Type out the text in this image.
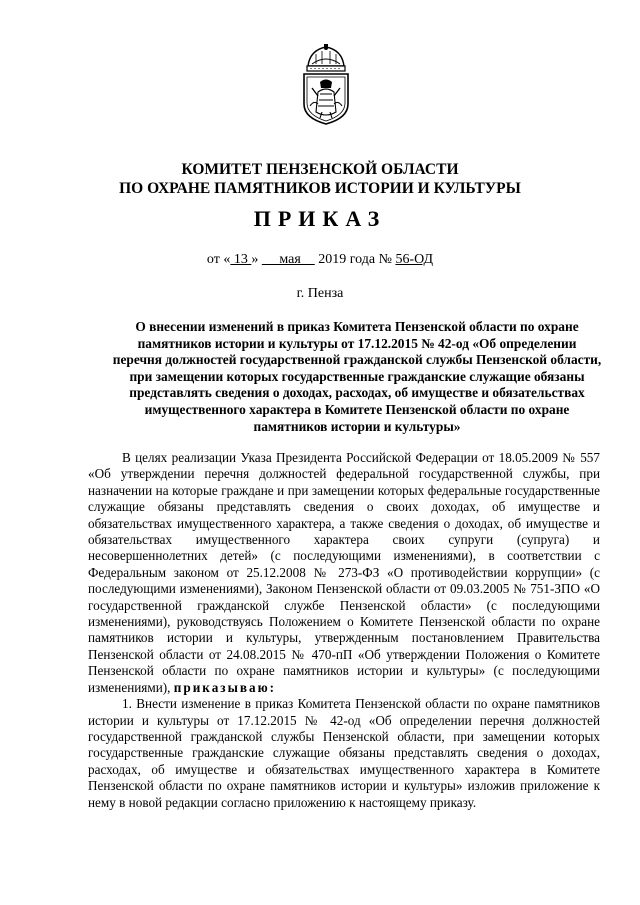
КОМИТЕТ ПЕНЗЕНСКОЙ ОБЛАСТИ
ПО ОХРАНЕ ПАМЯТНИКОВ ИСТОРИИ И КУЛЬТУРЫ
ПРИКАЗ
от « 13 »      мая     2019 года № 56-ОД
г. Пенза
О внесении изменений в приказ Комитета Пензенской области по охране памятников истории и культуры от 17.12.2015 № 42-од «Об определении перечня должностей государственной гражданской службы Пензенской области, при замещении которых государственные гражданские служащие обязаны представлять сведения о доходах, расходах, об имуществе и обязательствах имущественного характера в Комитете Пензенской области по охране памятников истории и культуры»

В целях реализации Указа Президента Российской Федерации от 18.05.2009 № 557 «Об утверждении перечня должностей федеральной государственной службы, при назначении на которые граждане и при замещении которых федеральные государственные служащие обязаны представлять сведения о своих доходах, об имуществе и обязательствах имущественного характера, а также сведения о доходах, об имуществе и обязательствах имущественного характера своих супруги (супруга) и несовершеннолетних детей» (с последующими изменениями), в соответствии с Федеральным законом от 25.12.2008 № 273-ФЗ «О противодействии коррупции» (с последующими изменениями), Законом Пензенской области от 09.03.2005 № 751-ЗПО «О государственной гражданской службе Пензенской области» (с последующими изменениями), руководствуясь Положением о Комитете Пензенской области по охране памятников истории и культуры, утвержденным постановлением Правительства Пензенской области от 24.08.2015 № 470-пП «Об утверждении Положения о Комитете Пензенской области по охране памятников истории и культуры» (с последующими изменениями), приказываю:

1. Внести изменение в приказ Комитета Пензенской области по охране памятников истории и культуры от 17.12.2015 № 42-од «Об определении перечня должностей государственной гражданской службы Пензенской области, при замещении которых государственные гражданские служащие обязаны представлять сведения о доходах, расходах, об имуществе и обязательствах имущественного характера в Комитете Пензенской области по охране памятников истории и культуры» изложив приложение к нему в новой редакции согласно приложению к настоящему приказу.
